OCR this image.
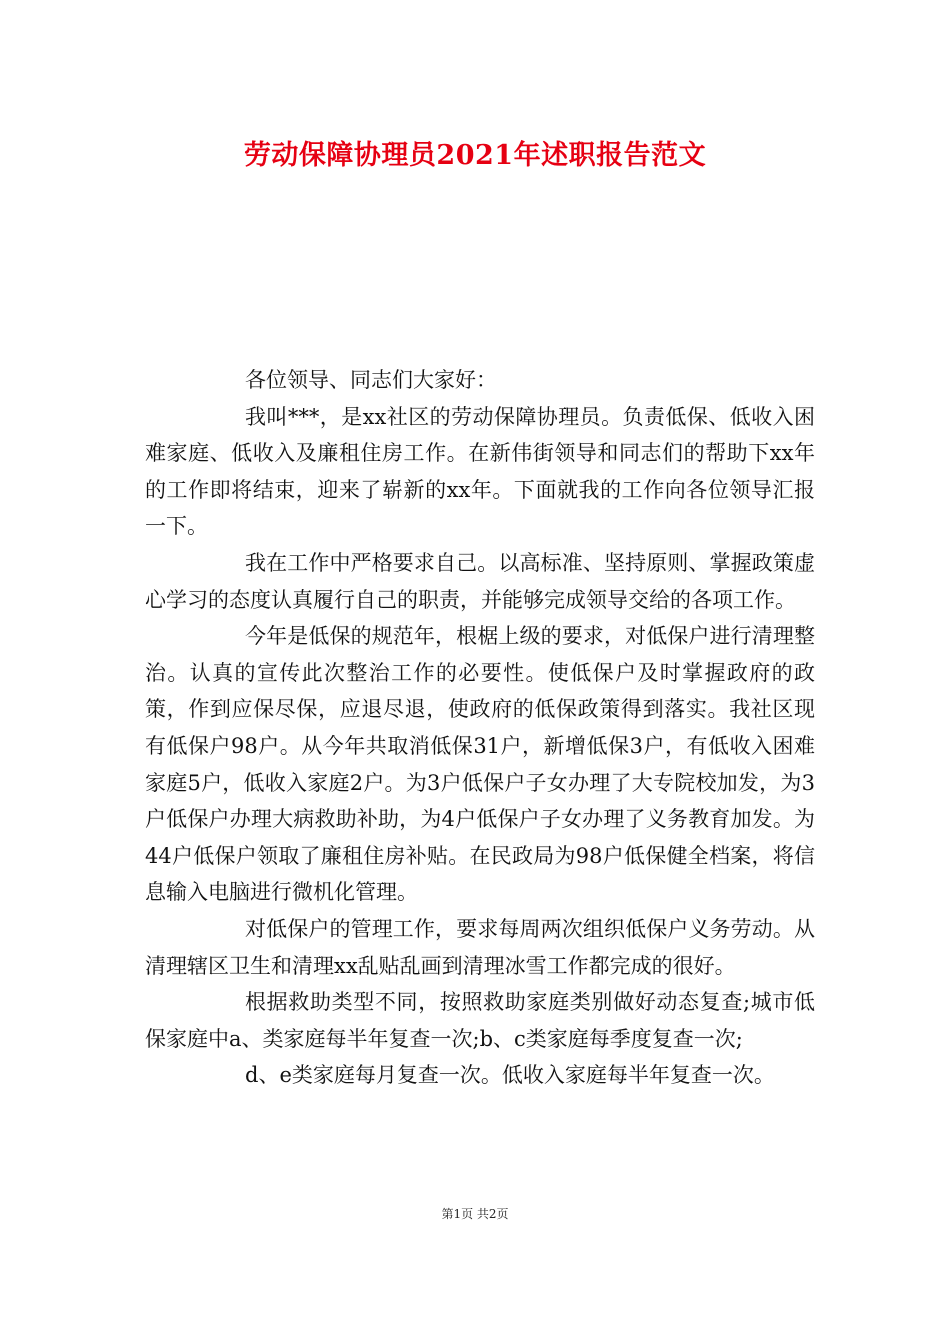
劳动保障协理员2021年述职报告范文

各位领导、同志们大家好：

我叫***，是xx社区的劳动保障协理员。负责低保、低收入困难家庭、低收入及廉租住房工作。在新伟街领导和同志们的帮助下xx年的工作即将结束，迎来了崭新的xx年。下面就我的工作向各位领导汇报一下。

我在工作中严格要求自己。以高标准、坚持原则、掌握政策虚心学习的态度认真履行自己的职责，并能够完成领导交给的各项工作。

今年是低保的规范年，根椐上级的要求，对低保户进行清理整治。认真的宣传此次整治工作的必要性。使低保户及时掌握政府的政策，作到应保尽保，应退尽退，使政府的低保政策得到落实。我社区现有低保户98户。从今年共取消低保31户，新增低保3户，有低收入困难家庭5户，低收入家庭2户。为3户低保户子女办理了大专院校加发，为3户低保户办理大病救助补助，为4户低保户子女办理了义务教育加发。为44户低保户领取了廉租住房补贴。在民政局为98户低保健全档案，将信息输入电脑进行微机化管理。

对低保户的管理工作，要求每周两次组织低保户义务劳动。从清理辖区卫生和清理xx乱贴乱画到清理冰雪工作都完成的很好。

根据救助类型不同，按照救助家庭类别做好动态复查;城市低保家庭中a、类家庭每半年复查一次;b、c类家庭每季度复查一次;

d、e类家庭每月复查一次。低收入家庭每半年复查一次。

第1页 共2页
